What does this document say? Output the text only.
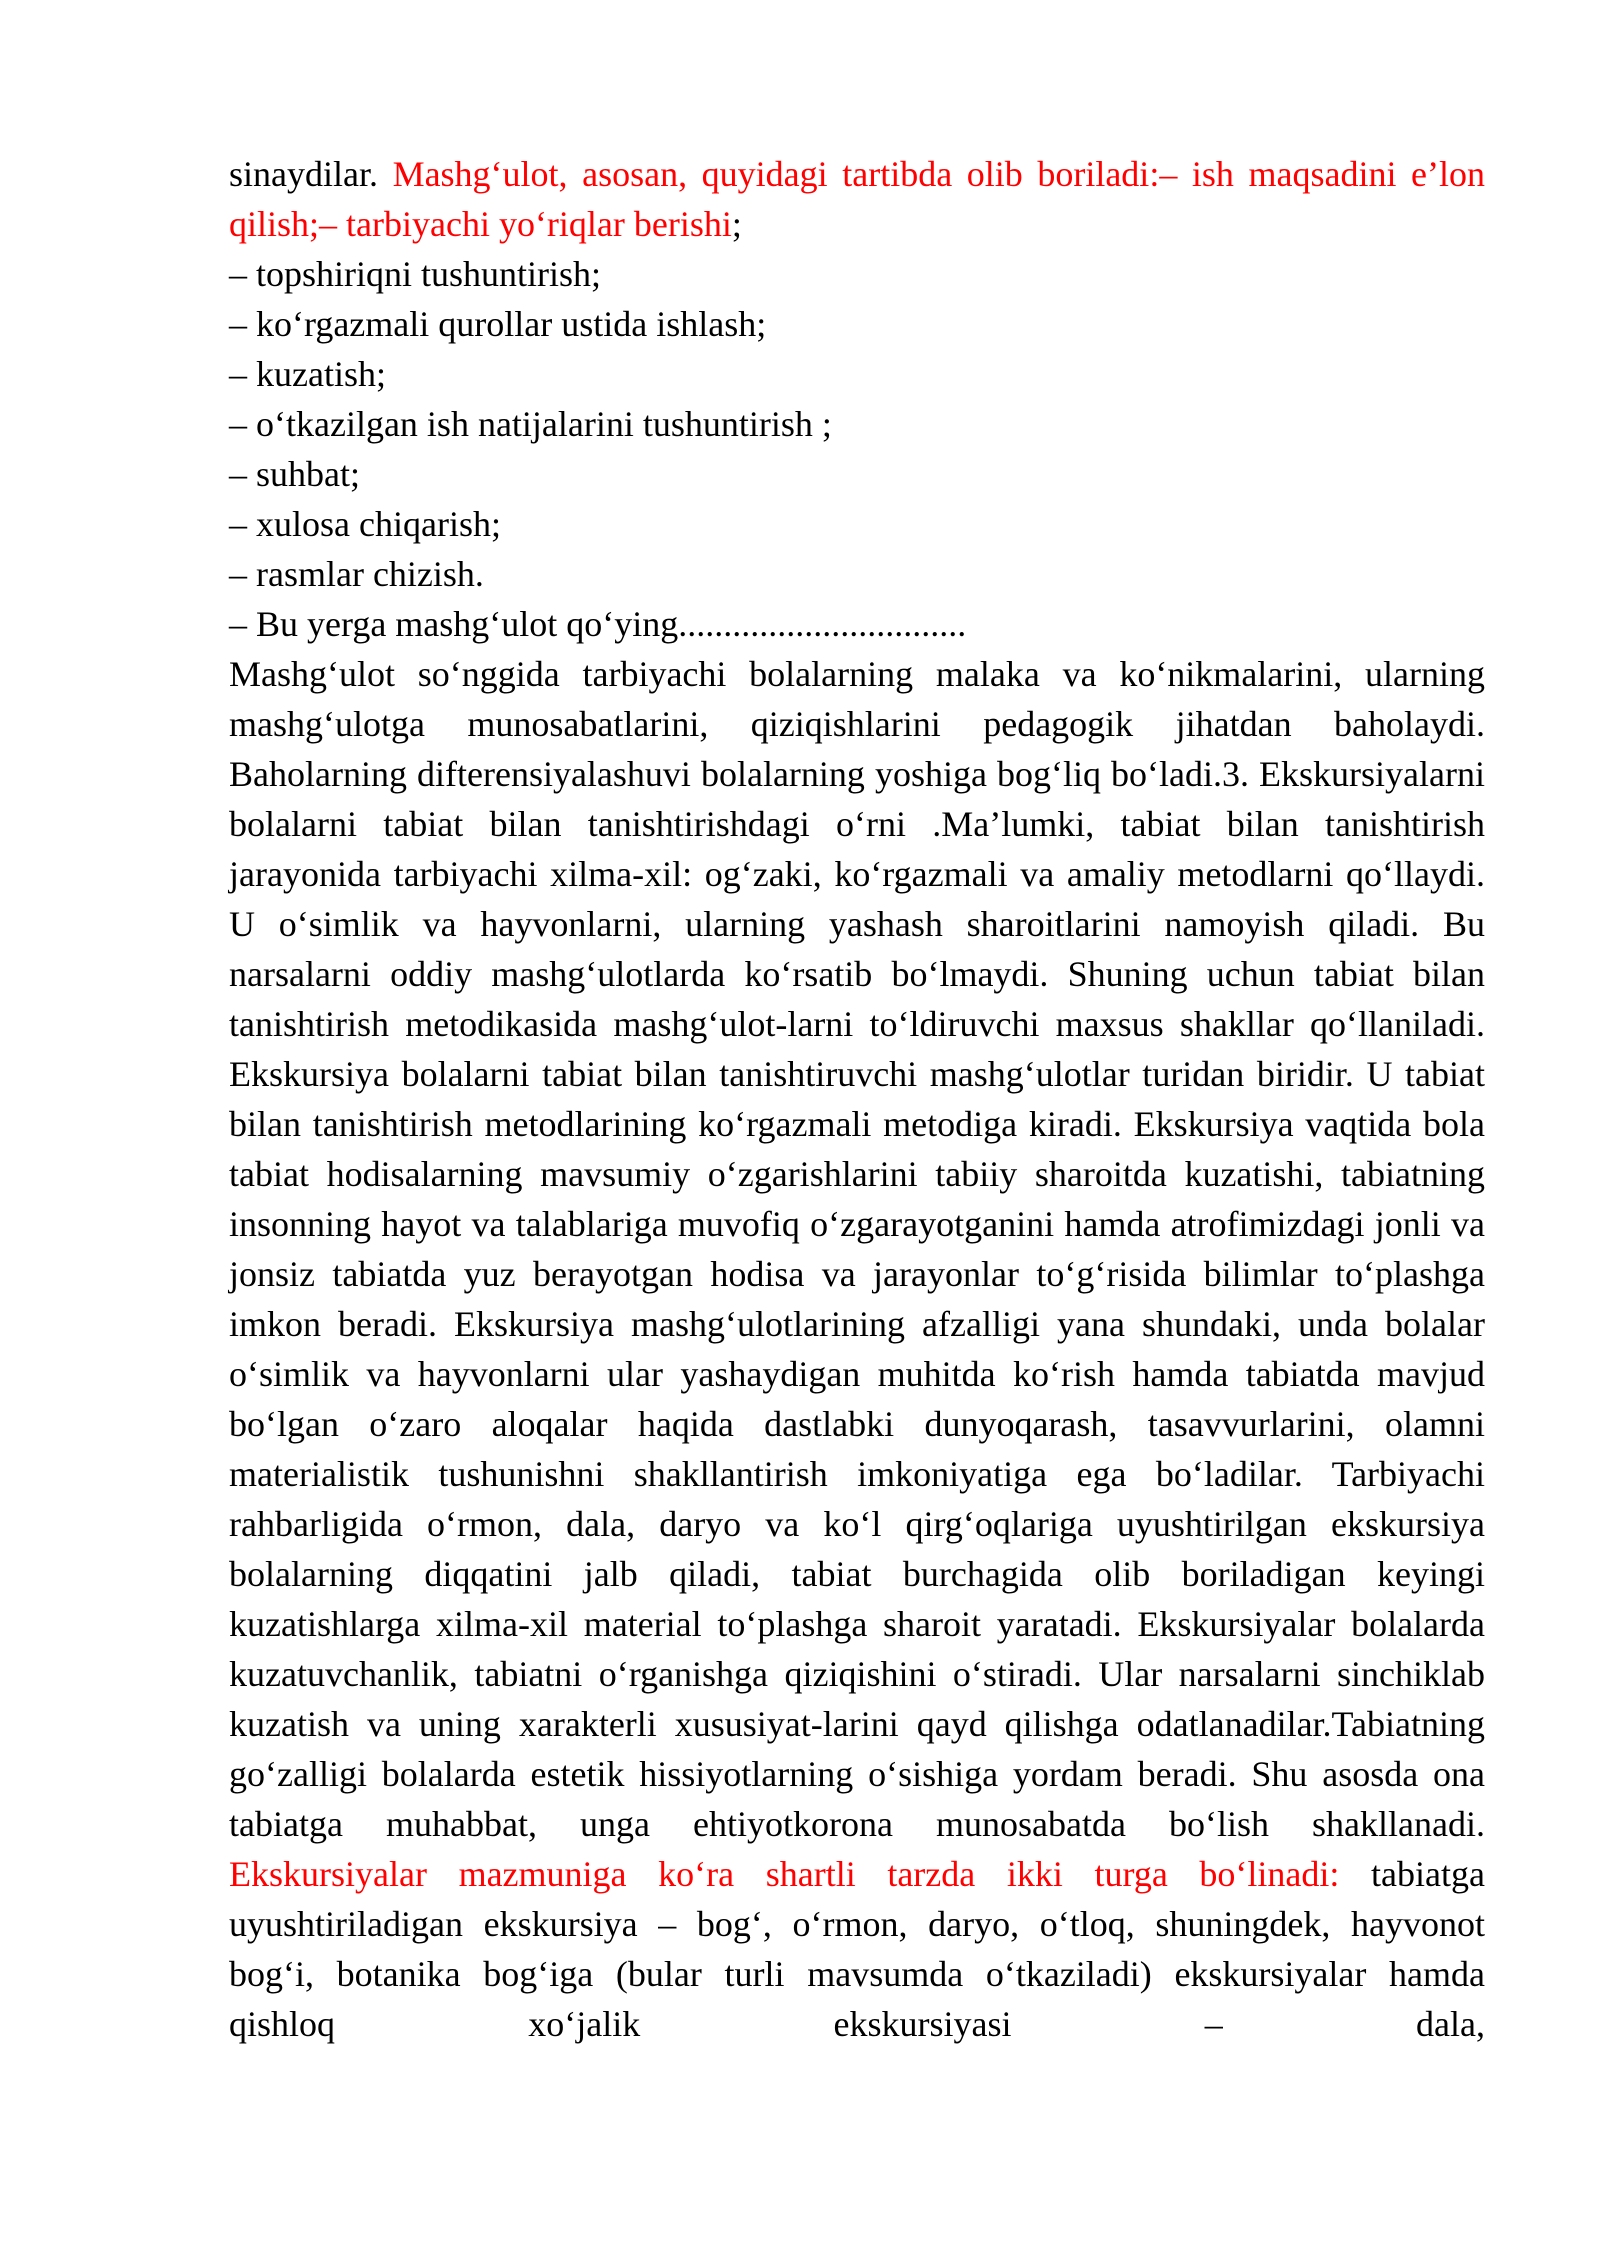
sinaydilar. Mashg‘ulot, asosan, quyidagi tartibda olib boriladi:– ish maqsadini e’lon qilish;– tarbiyachi yo‘riqlar berishi;

– topshiriqni tushuntirish;
– ko‘rgazmali qurollar ustida ishlash;
– kuzatish;
– o‘tkazilgan ish natijalarini tushuntirish ;
– suhbat;
– xulosa chiqarish;
– rasmlar chizish.
– Bu yerga mashg‘ulot qo‘ying................................

Mashg‘ulot so‘nggida tarbiyachi bolalarning malaka va ko‘nikmalarini, ularning mashg‘ulotga munosabatlarini, qiziqishlarini pedagogik jihatdan baholaydi. Baholarning difterensiyalashuvi bolalarning yoshiga bog‘liq bo‘ladi.3. Ekskursiyalarni bolalarni tabiat bilan tanishtirishdagi o‘rni .Ma’lumki, tabiat bilan tanishtirish jarayonida tarbiyachi xilma-xil: og‘zaki, ko‘rgazmali va amaliy metodlarni qo‘llaydi. U o‘simlik va hayvonlarni, ularning yashash sharoitlarini namoyish qiladi. Bu narsalarni oddiy mashg‘ulotlarda ko‘rsatib bo‘lmaydi. Shuning uchun tabiat bilan tanishtirish metodikasida mashg‘ulot-larni to‘ldiruvchi maxsus shakllar qo‘llaniladi. Ekskursiya bolalarni tabiat bilan tanishtiruvchi mashg‘ulotlar turidan biridir. U tabiat bilan tanishtirish metodlarining ko‘rgazmali metodiga kiradi. Ekskursiya vaqtida bola tabiat hodisalarning mavsumiy o‘zgarishlarini tabiiy sharoitda kuzatishi, tabiatning insonning hayot va talablariga muvofiq o‘zgarayotganini hamda atrofimizdagi jonli va jonsiz tabiatda yuz berayotgan hodisa va jarayonlar to‘g‘risida bilimlar to‘plashga imkon beradi. Ekskursiya mashg‘ulotlarining afzalligi yana shundaki, unda bolalar o‘simlik va hayvonlarni ular yashaydigan muhitda ko‘rish hamda tabiatda mavjud bo‘lgan o‘zaro aloqalar haqida dastlabki dunyoqarash, tasavvurlarini, olamni materialistik tushunishni shakllantirish imkoniyatiga ega bo‘ladilar. Tarbiyachi rahbarligida o‘rmon, dala, daryo va ko‘l qirg‘oqlariga uyushtirilgan ekskursiya bolalarning diqqatini jalb qiladi, tabiat burchagida olib boriladigan keyingi kuzatishlarga xilma-xil material to‘plashga sharoit yaratadi. Ekskursiyalar bolalarda kuzatuvchanlik, tabiatni o‘rganishga qiziqishini o‘stiradi. Ular narsalarni sinchiklab kuzatish va uning xarakterli xususiyat-larini qayd qilishga odatlanadilar.Tabiatning go‘zalligi bolalarda estetik hissiyotlarning o‘sishiga yordam beradi. Shu asosda ona tabiatga muhabbat, unga ehtiyotkorona munosabatda bo‘lish shakllanadi. Ekskursiyalar mazmuniga ko‘ra shartli tarzda ikki turga bo‘linadi: tabiatga uyushtiriladigan ekskursiya – bog‘, o‘rmon, daryo, o‘tloq, shuningdek, hayvonot bog‘i, botanika bog‘iga (bular turli mavsumda o‘tkaziladi) ekskursiyalar hamda qishloq xo‘jalik ekskursiyasi – dala,
